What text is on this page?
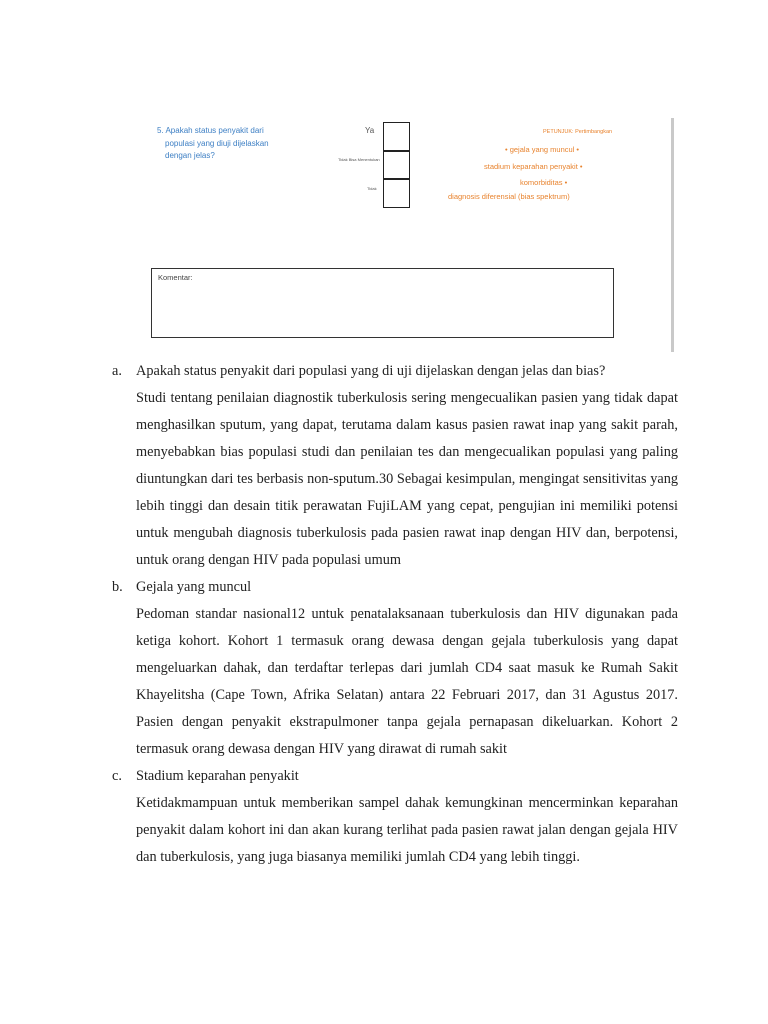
5. Apakah status penyakit dari
populasi yang diuji dijelaskan
dengan jelas?
Ya
Tidak Bisa Menentukan
Tidak
PETUNJUK: Pertimbangkan
• gejala yang muncul •
stadium keparahan penyakit •
komorbiditas •
diagnosis diferensial (bias spektrum)
Komentar:
a. Apakah status penyakit dari populasi yang di uji dijelaskan dengan jelas dan bias?
Studi tentang penilaian diagnostik tuberkulosis sering mengecualikan pasien yang tidak dapat menghasilkan sputum, yang dapat, terutama dalam kasus pasien rawat inap yang sakit parah, menyebabkan bias populasi studi dan penilaian tes dan mengecualikan populasi yang paling diuntungkan dari tes berbasis non-sputum.30 Sebagai kesimpulan, mengingat sensitivitas yang lebih tinggi dan desain titik perawatan FujiLAM yang cepat, pengujian ini memiliki potensi untuk mengubah diagnosis tuberkulosis pada pasien rawat inap dengan HIV dan, berpotensi, untuk orang dengan HIV pada populasi umum
b. Gejala yang muncul
Pedoman standar nasional12 untuk penatalaksanaan tuberkulosis dan HIV digunakan pada ketiga kohort. Kohort 1 termasuk orang dewasa dengan gejala tuberkulosis yang dapat mengeluarkan dahak, dan terdaftar terlepas dari jumlah CD4 saat masuk ke Rumah Sakit Khayelitsha (Cape Town, Afrika Selatan) antara 22 Februari 2017, dan 31 Agustus 2017. Pasien dengan penyakit ekstrapulmoner tanpa gejala pernapasan dikeluarkan. Kohort 2 termasuk orang dewasa dengan HIV yang dirawat di rumah sakit
c. Stadium keparahan penyakit
Ketidakmampuan untuk memberikan sampel dahak kemungkinan mencerminkan keparahan penyakit dalam kohort ini dan akan kurang terlihat pada pasien rawat jalan dengan gejala HIV dan tuberkulosis, yang juga biasanya memiliki jumlah CD4 yang lebih tinggi.
